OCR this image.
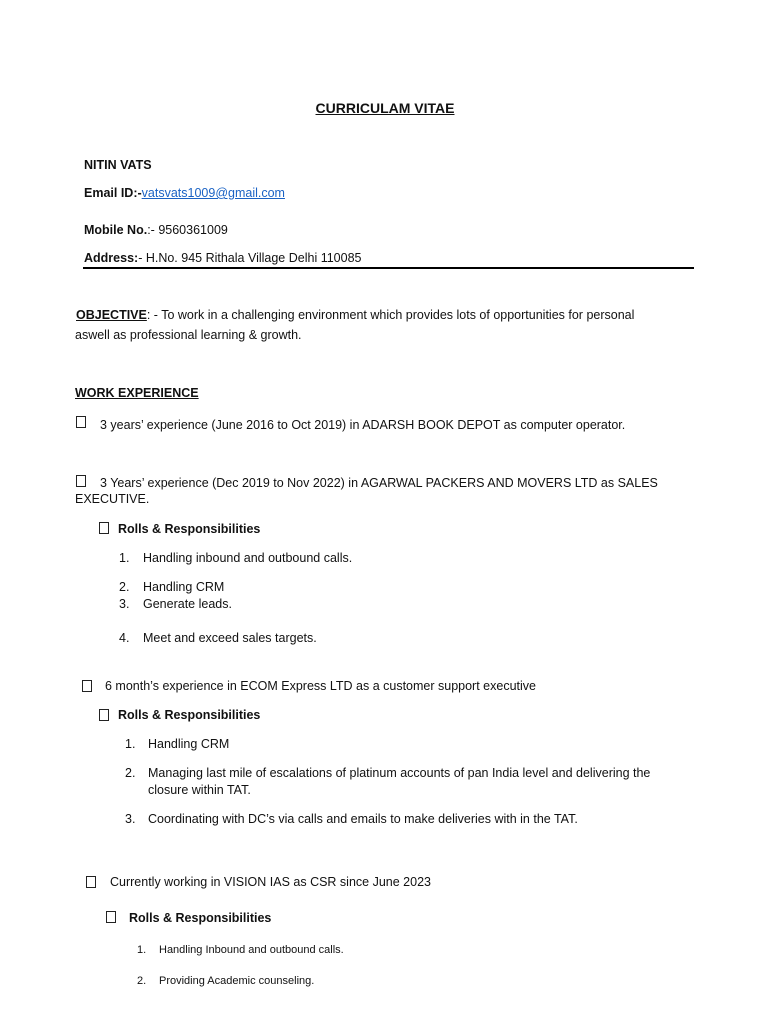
CURRICULAM VITAE
NITIN VATS
Email ID:-vatsvats1009@gmail.com
Mobile No.:- 9560361009
Address:- H.No. 945 Rithala Village Delhi 110085
OBJECTIVE: - To work in a challenging environment which provides lots of opportunities for personal
aswell as professional learning & growth.
WORK EXPERIENCE
3 years’ experience (June 2016 to Oct 2019) in ADARSH BOOK DEPOT as computer operator.
3 Years’ experience (Dec 2019 to Nov 2022) in AGARWAL PACKERS AND MOVERS LTD as SALES
EXECUTIVE.
Rolls & Responsibilities
1. Handling inbound and outbound calls.
2. Handling CRM
3. Generate leads.
4. Meet and exceed sales targets.
6 month’s experience in ECOM Express LTD as a customer support executive
Rolls & Responsibilities
1. Handling CRM
2. Managing last mile of escalations of platinum accounts of pan India level and delivering the
closure within TAT.
3. Coordinating with DC’s via calls and emails to make deliveries with in the TAT.
Currently working in VISION IAS as CSR since June 2023
Rolls & Responsibilities
1. Handling Inbound and outbound calls.
2. Providing Academic counseling.
